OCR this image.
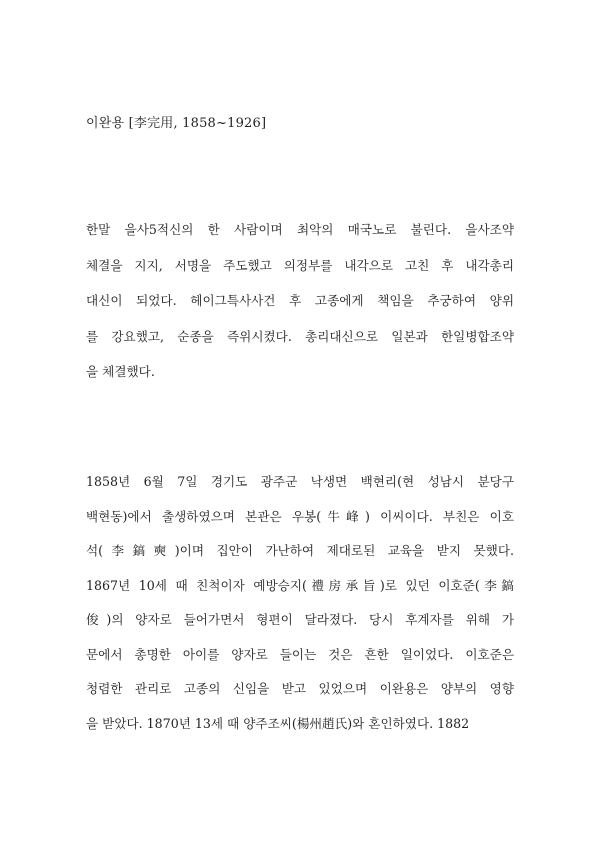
이완용 [李完用, 1858~1926]
한말 을사5적신의 한 사람이며 최악의 매국노로 불린다. 을사조약
체결을 지지, 서명을 주도했고 의정부를 내각으로 고친 후 내각총리
대신이 되었다. 헤이그특사사건 후 고종에게 책임을 추궁하여 양위
를 강요했고, 순종을 즉위시켰다. 총리대신으로 일본과 한일병합조약
을 체결했다.
1858년 6월 7일 경기도 광주군 낙생면 백현리(현 성남시 분당구
백현동)에서 출생하였으며 본관은 우봉(牛峰) 이씨이다. 부친은 이호
석(李鎬奭)이며 집안이 가난하여 제대로된 교육을 받지 못했다.
1867년 10세 때 친척이자 예방승지(禮房承旨)로 있던 이호준(李鎬
俊)의 양자로 들어가면서 형편이 달라졌다. 당시 후계자를 위해 가
문에서 총명한 아이를 양자로 들이는 것은 흔한 일이었다. 이호준은
청렴한 관리로 고종의 신임을 받고 있었으며 이완용은 양부의 영향
을 받았다. 1870년 13세 때 양주조씨(楊州趙氏)와 혼인하였다. 1882
